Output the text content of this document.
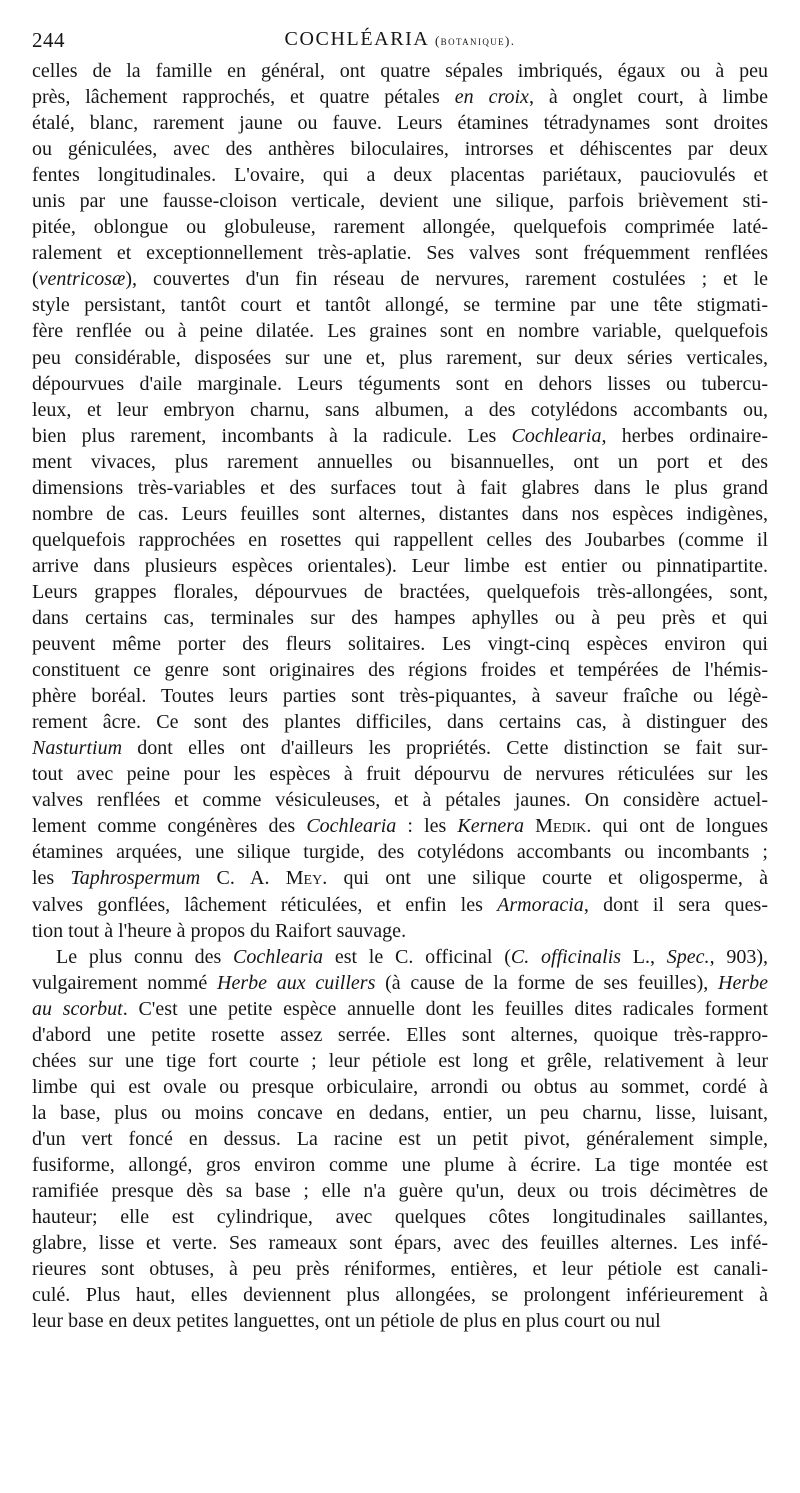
244	COCHLÉARIA (botanique).
celles de la famille en général, ont quatre sépales imbriqués, égaux ou à peu
près, lâchement rapprochés, et quatre pétales en croix, à onglet court, à limbe
étalé, blanc, rarement jaune ou fauve. Leurs étamines tétradynames sont droites
ou géniculées, avec des anthères biloculaires, introrses et déhiscentes par deux
fentes longitudinales. L'ovaire, qui a deux placentas pariétaux, pauciovulés et
unis par une fausse-cloison verticale, devient une silique, parfois brièvement sti-
pitée, oblongue ou globuleuse, rarement allongée, quelquefois comprimée laté-
ralement et exceptionnellement très-aplatie. Ses valves sont fréquemment renflées
(ventricosæ), couvertes d'un fin réseau de nervures, rarement costulées ; et le
style persistant, tantôt court et tantôt allongé, se termine par une tête stigmati-
fère renflée ou à peine dilatée. Les graines sont en nombre variable, quelquefois
peu considérable, disposées sur une et, plus rarement, sur deux séries verticales,
dépourvues d'aile marginale. Leurs téguments sont en dehors lisses ou tubercu-
leux, et leur embryon charnu, sans albumen, a des cotylédons accombants ou,
bien plus rarement, incombants à la radicule. Les Cochlearia, herbes ordinaire-
ment vivaces, plus rarement annuelles ou bisannuelles, ont un port et des
dimensions très-variables et des surfaces tout à fait glabres dans le plus grand
nombre de cas. Leurs feuilles sont alternes, distantes dans nos espèces indigènes,
quelquefois rapprochées en rosettes qui rappellent celles des Joubarbes (comme il
arrive dans plusieurs espèces orientales). Leur limbe est entier ou pinnatipartite.
Leurs grappes florales, dépourvues de bractées, quelquefois très-allongées, sont,
dans certains cas, terminales sur des hampes aphylles ou à peu près et qui
peuvent même porter des fleurs solitaires. Les vingt-cinq espèces environ qui
constituent ce genre sont originaires des régions froides et tempérées de l'hémis-
phère boréal. Toutes leurs parties sont très-piquantes, à saveur fraîche ou légè-
rement âcre. Ce sont des plantes difficiles, dans certains cas, à distinguer des
Nasturtium dont elles ont d'ailleurs les propriétés. Cette distinction se fait sur-
tout avec peine pour les espèces à fruit dépourvu de nervures réticulées sur les
valves renflées et comme vésiculeuses, et à pétales jaunes. On considère actuel-
lement comme congénères des Cochlearia : les Kernera Medik. qui ont de longues
étamines arquées, une silique turgide, des cotylédons accombants ou incombants ;
les Taphrospermum C. A. Mey. qui ont une silique courte et oligosperme, à
valves gonflées, lâchement réticulées, et enfin les Armoracia, dont il sera ques-
tion tout à l'heure à propos du Raifort sauvage.
Le plus connu des Cochlearia est le C. officinal (C. officinalis L., Spec., 903),
vulgairement nommé Herbe aux cuillers (à cause de la forme de ses feuilles), Herbe
au scorbut. C'est une petite espèce annuelle dont les feuilles dites radicales forment
d'abord une petite rosette assez serrée. Elles sont alternes, quoique très-rappro-
chées sur une tige fort courte ; leur pétiole est long et grêle, relativement à leur
limbe qui est ovale ou presque orbiculaire, arrondi ou obtus au sommet, cordé à
la base, plus ou moins concave en dedans, entier, un peu charnu, lisse, luisant,
d'un vert foncé en dessus. La racine est un petit pivot, généralement simple,
fusiforme, allongé, gros environ comme une plume à écrire. La tige montée est
ramifiée presque dès sa base ; elle n'a guère qu'un, deux ou trois décimètres de
hauteur; elle est cylindrique, avec quelques côtes longitudinales saillantes,
glabre, lisse et verte. Ses rameaux sont épars, avec des feuilles alternes. Les infé-
rieures sont obtuses, à peu près réniformes, entières, et leur pétiole est canali-
culé. Plus haut, elles deviennent plus allongées, se prolongent inférieurement à
leur base en deux petites languettes, ont un pétiole de plus en plus court ou nul
